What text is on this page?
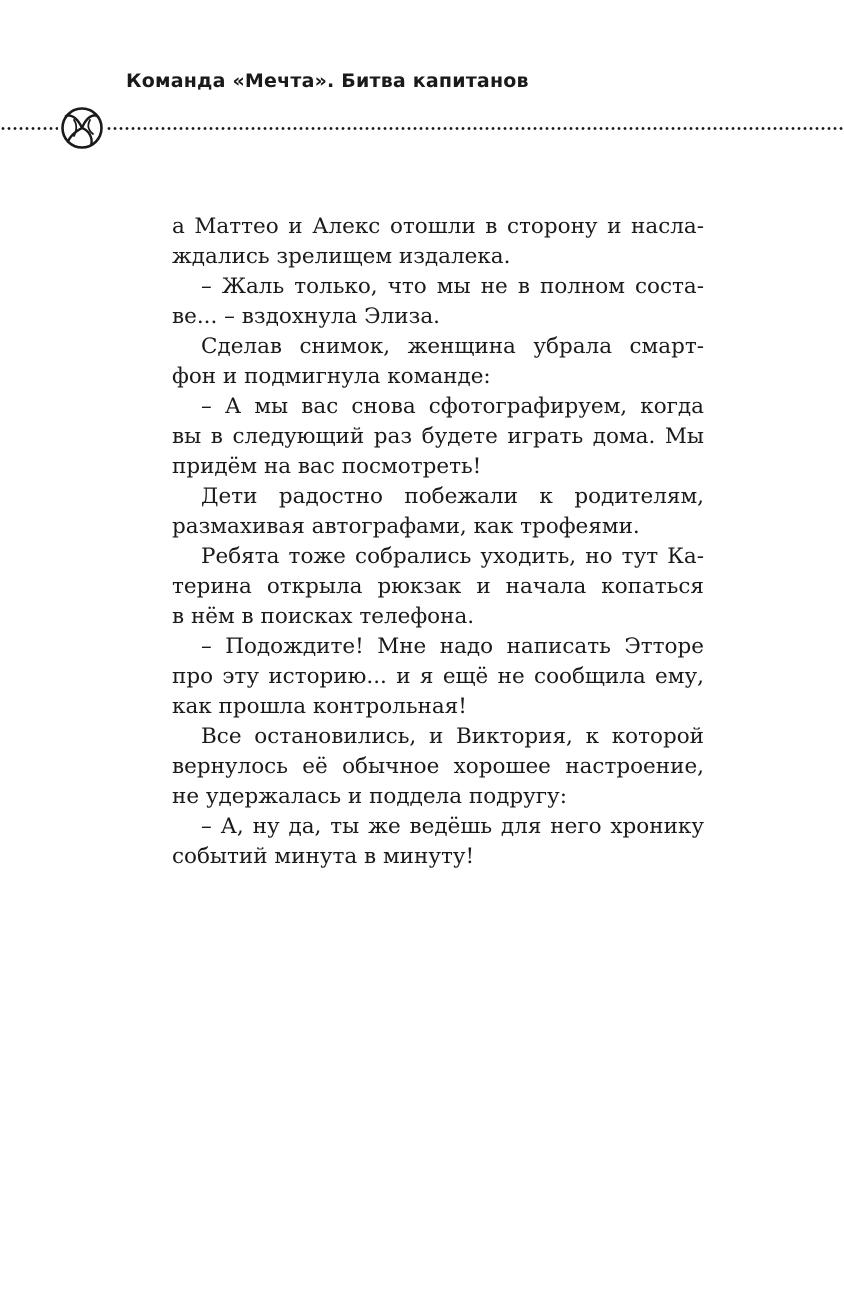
Команда «Мечта». Битва капитанов
а Маттео и Алекс отошли в сторону и насла-
ждались зрелищем издалека.
– Жаль только, что мы не в полном соста-
ве... – вздохнула Элиза.
Сделав снимок, женщина убрала смарт-
фон и подмигнула команде:
– А мы вас снова сфотографируем, когда
вы в следующий раз будете играть дома. Мы
придём на вас посмотреть!
Дети радостно побежали к родителям,
размахивая автографами, как трофеями.
Ребята тоже собрались уходить, но тут Ка-
терина открыла рюкзак и начала копаться
в нём в поисках телефона.
– Подождите! Мне надо написать Этторе
про эту историю... и я ещё не сообщила ему,
как прошла контрольная!
Все остановились, и Виктория, к которой
вернулось её обычное хорошее настроение,
не удержалась и поддела подругу:
– А, ну да, ты же ведёшь для него хронику
событий минута в минуту!
